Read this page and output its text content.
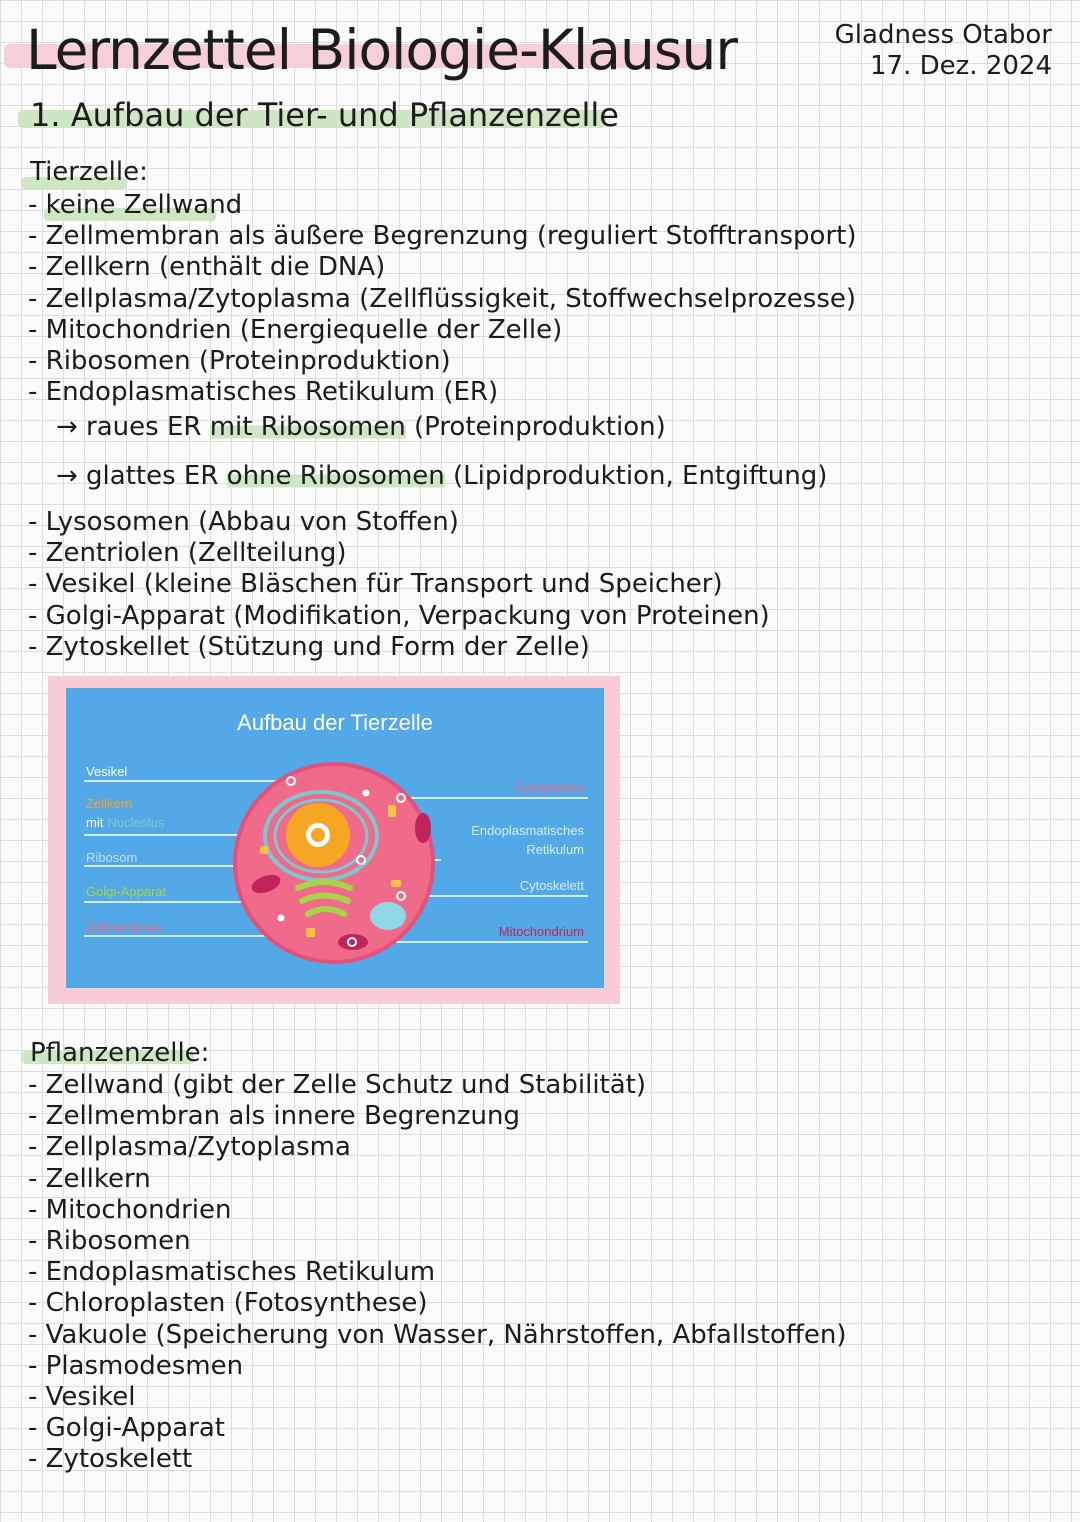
Lernzettel Biologie-Klausur	Gladness Otabor
17. Dez. 2024
1. Aufbau der Tier- und Pflanzenzelle
Tierzelle:
- keine Zellwand
- Zellmembran als äußere Begrenzung (reguliert Stofftransport)
- Zellkern (enthält die DNA)
- Zellplasma/Zytoplasma (Zellflüssigkeit, Stoffwechselprozesse)
- Mitochondrien (Energiequelle der Zelle)
- Ribosomen (Proteinproduktion)
- Endoplasmatisches Retikulum (ER)
→ raues ER mit Ribosomen (Proteinproduktion)
→ glattes ER ohne Ribosomen (Lipidproduktion, Entgiftung)
- Lysosomen (Abbau von Stoffen)
- Zentriolen (Zellteilung)
- Vesikel (kleine Bläschen für Transport und Speicher)
- Golgi-Apparat (Modifikation, Verpackung von Proteinen)
- Zytoskellet (Stützung und Form der Zelle)
Aufbau der Tierzelle
Vesikel
Zellkern
mit Nucleolus
Ribosom
Golgi-Apparat
Zellmembran
Cytoplasma
Endoplasmatisches
Retikulum
Cytoskelett
Mitochondrium
Pflanzenzelle:
- Zellwand (gibt der Zelle Schutz und Stabilität)
- Zellmembran als innere Begrenzung
- Zellplasma/Zytoplasma
- Zellkern
- Mitochondrien
- Ribosomen
- Endoplasmatisches Retikulum
- Chloroplasten (Fotosynthese)
- Vakuole (Speicherung von Wasser, Nährstoffen, Abfallstoffen)
- Plasmodesmen
- Vesikel
- Golgi-Apparat
- Zytoskelett
